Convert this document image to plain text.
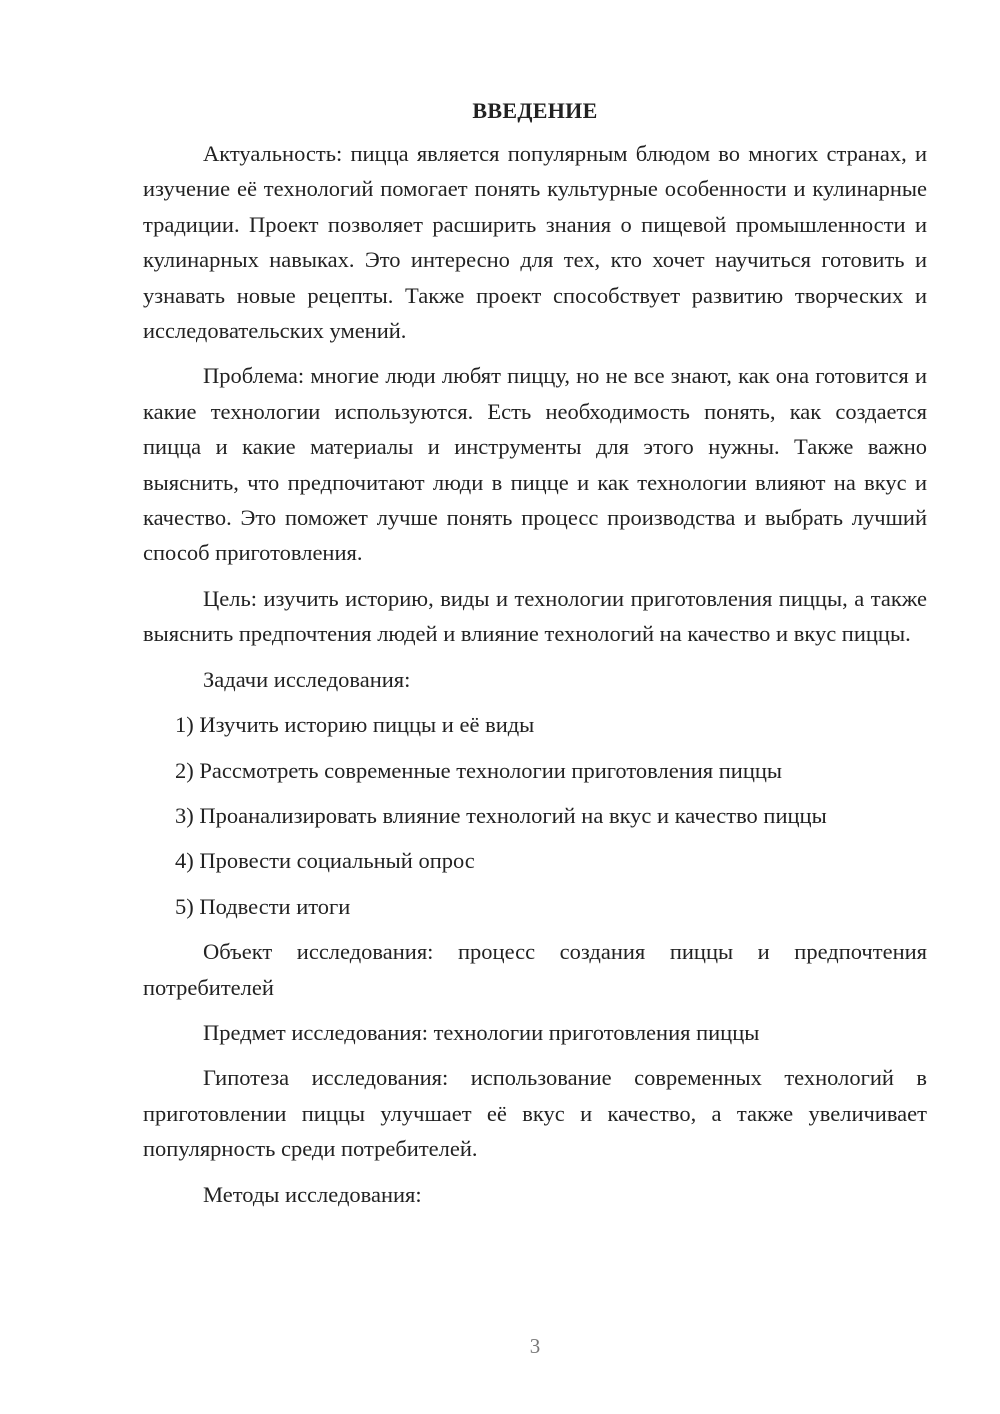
ВВЕДЕНИЕ

Актуальность: пицца является популярным блюдом во многих странах, и изучение её технологий помогает понять культурные особенности и кулинарные традиции. Проект позволяет расширить знания о пищевой промышленности и кулинарных навыках. Это интересно для тех, кто хочет научиться готовить и узнавать новые рецепты. Также проект способствует развитию творческих и исследовательских умений.

Проблема: многие люди любят пиццу, но не все знают, как она готовится и какие технологии используются. Есть необходимость понять, как создается пицца и какие материалы и инструменты для этого нужны. Также важно выяснить, что предпочитают люди в пицце и как технологии влияют на вкус и качество. Это поможет лучше понять процесс производства и выбрать лучший способ приготовления.

Цель: изучить историю, виды и технологии приготовления пиццы, а также выяснить предпочтения людей и влияние технологий на качество и вкус пиццы.

Задачи исследования:

1) Изучить историю пиццы и её виды
2) Рассмотреть современные технологии приготовления пиццы
3) Проанализировать влияние технологий на вкус и качество пиццы
4) Провести социальный опрос
5) Подвести итоги

Объект исследования: процесс создания пиццы и предпочтения потребителей

Предмет исследования: технологии приготовления пиццы

Гипотеза исследования: использование современных технологий в приготовлении пиццы улучшает её вкус и качество, а также увеличивает популярность среди потребителей.

Методы исследования:

3
